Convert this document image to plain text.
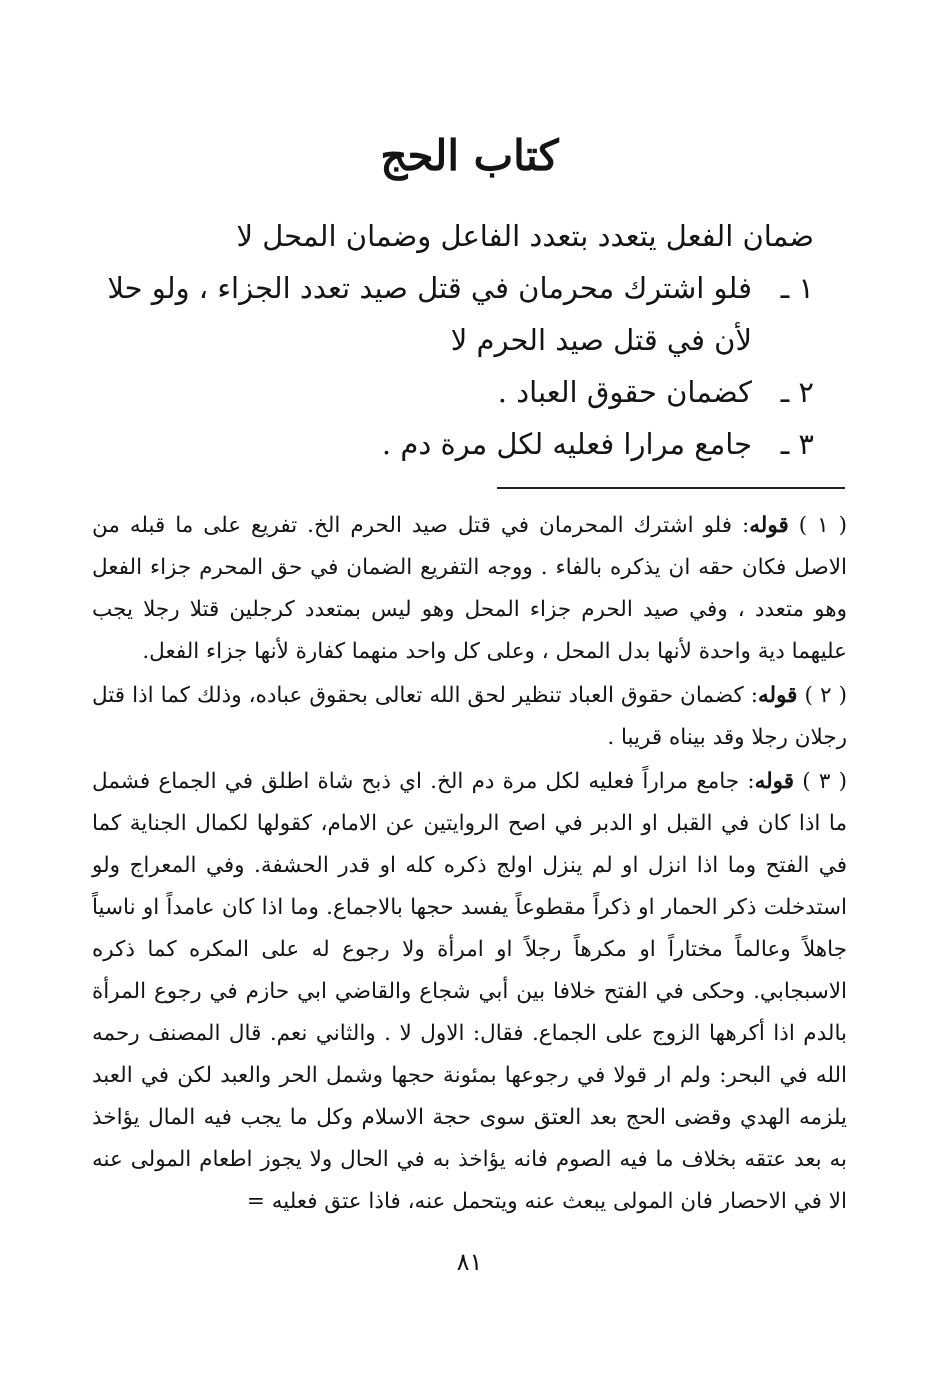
كتاب الحج

ضمان الفعل يتعدد بتعدد الفاعل وضمان المحل لا

١ ـ
فلو اشترك محرمان في قتل صيد تعدد الجزاء ، ولو حلا لأن في قتل صيد الحرم لا

٢ ـ
كضمان حقوق العباد .

٣ ـ
جامع مرارا فعليه لكل مرة دم .

( ١ ) قوله: فلو اشترك المحرمان في قتل صيد الحرم الخ. تفريع على ما قبله من الاصل فكان حقه ان يذكره بالفاء . ووجه التفريع الضمان في حق المحرم جزاء الفعل وهو متعدد ، وفي صيد الحرم جزاء المحل وهو ليس بمتعدد كرجلين قتلا رجلا يجب عليهما دية واحدة لأنها بدل المحل ، وعلى كل واحد منهما كفارة لأنها جزاء الفعل.

( ٢ ) قوله: كضمان حقوق العباد تنظير لحق الله تعالى بحقوق عباده، وذلك كما اذا قتل رجلان رجلا وقد بيناه قريبا .

( ٣ ) قوله: جامع مراراً فعليه لكل مرة دم الخ. اي ذبح شاة اطلق في الجماع فشمل ما اذا كان في القبل او الدبر في اصح الروايتين عن الامام، كقولها لكمال الجناية كما في الفتح وما اذا انزل او لم ينزل اولج ذكره كله او قدر الحشفة. وفي المعراج ولو استدخلت ذكر الحمار او ذكراً مقطوعاً يفسد حجها بالاجماع. وما اذا كان عامداً او ناسياً جاهلاً وعالماً مختاراً او مكرهاً رجلاً او امرأة ولا رجوع له على المكره كما ذكره الاسبجابي. وحكى في الفتح خلافا بين أبي شجاع والقاضي ابي حازم في رجوع المرأة بالدم اذا أكرهها الزوج على الجماع. فقال: الاول لا . والثاني نعم. قال المصنف رحمه الله في البحر: ولم ار قولا في رجوعها بمئونة حجها وشمل الحر والعبد لكن في العبد يلزمه الهدي وقضى الحج بعد العتق سوى حجة الاسلام وكل ما يجب فيه المال يؤاخذ به بعد عتقه بخلاف ما فيه الصوم فانه يؤاخذ به في الحال ولا يجوز اطعام المولى عنه الا في الاحصار فان المولى يبعث عنه ويتحمل عنه، فاذا عتق فعليه =

٨١
